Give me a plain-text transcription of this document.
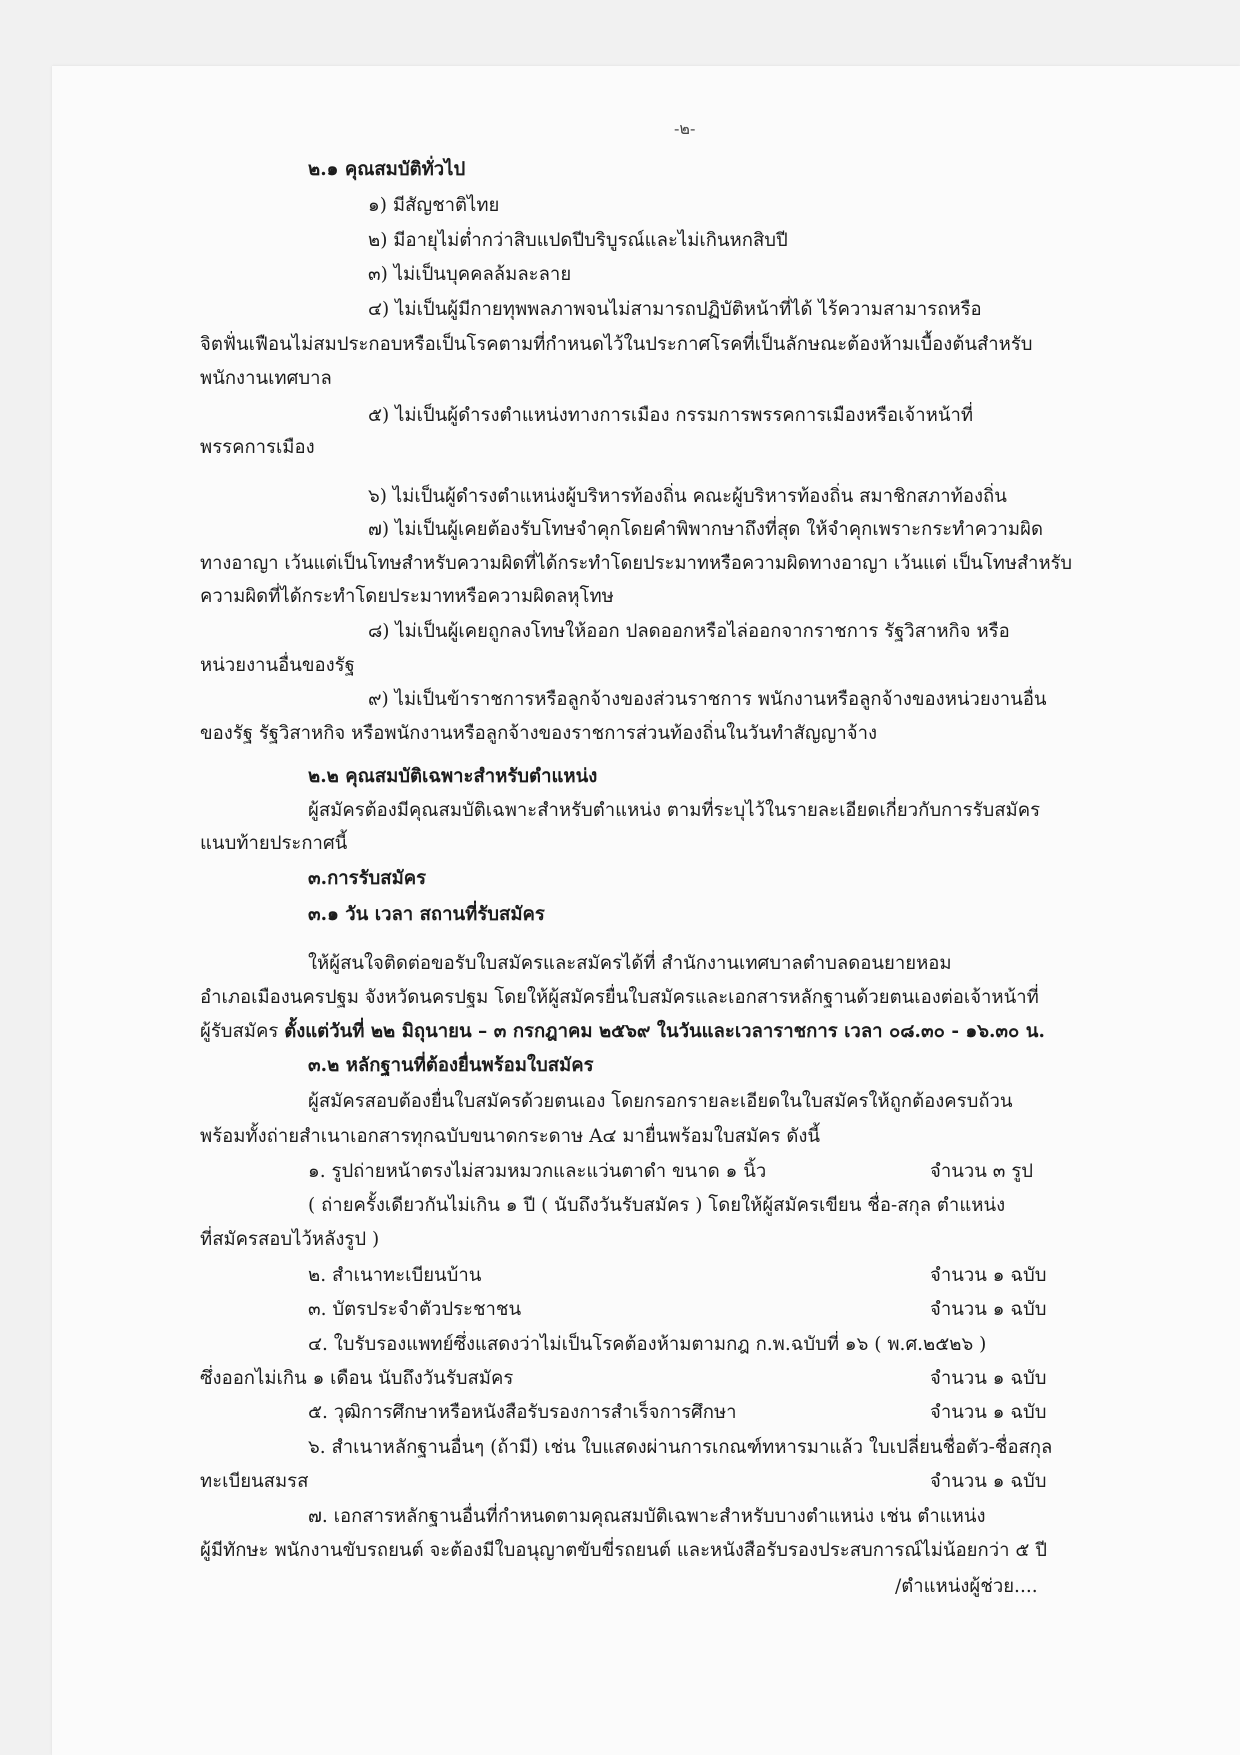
-๒-
๒.๑ คุณสมบัติทั่วไป
๑) มีสัญชาติไทย
๒) มีอายุไม่ต่ำกว่าสิบแปดปีบริบูรณ์และไม่เกินหกสิบปี
๓) ไม่เป็นบุคคลล้มละลาย
๔) ไม่เป็นผู้มีกายทุพพลภาพจนไม่สามารถปฏิบัติหน้าที่ได้ ไร้ความสามารถหรือ
จิตฟั่นเฟือนไม่สมประกอบหรือเป็นโรคตามที่กำหนดไว้ในประกาศโรคที่เป็นลักษณะต้องห้ามเบื้องต้นสำหรับ
พนักงานเทศบาล
๕) ไม่เป็นผู้ดำรงตำแหน่งทางการเมือง กรรมการพรรคการเมืองหรือเจ้าหน้าที่
พรรคการเมือง
๖) ไม่เป็นผู้ดำรงตำแหน่งผู้บริหารท้องถิ่น คณะผู้บริหารท้องถิ่น สมาชิกสภาท้องถิ่น
๗) ไม่เป็นผู้เคยต้องรับโทษจำคุกโดยคำพิพากษาถึงที่สุด ให้จำคุกเพราะกระทำความผิด
ทางอาญา เว้นแต่เป็นโทษสำหรับความผิดที่ได้กระทำโดยประมาทหรือความผิดทางอาญา เว้นแต่ เป็นโทษสำหรับ
ความผิดที่ได้กระทำโดยประมาทหรือความผิดลหุโทษ
๘) ไม่เป็นผู้เคยถูกลงโทษให้ออก ปลดออกหรือไล่ออกจากราชการ รัฐวิสาหกิจ หรือ
หน่วยงานอื่นของรัฐ
๙) ไม่เป็นข้าราชการหรือลูกจ้างของส่วนราชการ พนักงานหรือลูกจ้างของหน่วยงานอื่น
ของรัฐ รัฐวิสาหกิจ หรือพนักงานหรือลูกจ้างของราชการส่วนท้องถิ่นในวันทำสัญญาจ้าง
๒.๒ คุณสมบัติเฉพาะสำหรับตำแหน่ง
ผู้สมัครต้องมีคุณสมบัติเฉพาะสำหรับตำแหน่ง ตามที่ระบุไว้ในรายละเอียดเกี่ยวกับการรับสมัคร
แนบท้ายประกาศนี้
๓.การรับสมัคร
๓.๑ วัน เวลา สถานที่รับสมัคร
ให้ผู้สนใจติดต่อขอรับใบสมัครและสมัครได้ที่ สำนักงานเทศบาลตำบลดอนยายหอม
อำเภอเมืองนครปฐม จังหวัดนครปฐม โดยให้ผู้สมัครยื่นใบสมัครและเอกสารหลักฐานด้วยตนเองต่อเจ้าหน้าที่
ผู้รับสมัคร ตั้งแต่วันที่ ๒๒ มิถุนายน – ๓ กรกฎาคม ๒๕๖๙ ในวันและเวลาราชการ เวลา ๐๘.๓๐ - ๑๖.๓๐ น.
๓.๒ หลักฐานที่ต้องยื่นพร้อมใบสมัคร
ผู้สมัครสอบต้องยื่นใบสมัครด้วยตนเอง โดยกรอกรายละเอียดในใบสมัครให้ถูกต้องครบถ้วน
พร้อมทั้งถ่ายสำเนาเอกสารทุกฉบับขนาดกระดาษ A๔ มายื่นพร้อมใบสมัคร ดังนี้
๑. รูปถ่ายหน้าตรงไม่สวมหมวกและแว่นตาดำ ขนาด ๑ นิ้ว	จำนวน ๓ รูป
( ถ่ายครั้งเดียวกันไม่เกิน ๑ ปี ( นับถึงวันรับสมัคร ) โดยให้ผู้สมัครเขียน ชื่อ-สกุล ตำแหน่ง
ที่สมัครสอบไว้หลังรูป )
๒. สำเนาทะเบียนบ้าน	จำนวน ๑ ฉบับ
๓. บัตรประจำตัวประชาชน	จำนวน ๑ ฉบับ
๔. ใบรับรองแพทย์ซึ่งแสดงว่าไม่เป็นโรคต้องห้ามตามกฎ ก.พ.ฉบับที่ ๑๖ ( พ.ศ.๒๕๒๖ )
ซึ่งออกไม่เกิน ๑ เดือน นับถึงวันรับสมัคร	จำนวน ๑ ฉบับ
๕. วุฒิการศึกษาหรือหนังสือรับรองการสำเร็จการศึกษา	จำนวน ๑ ฉบับ
๖. สำเนาหลักฐานอื่นๆ (ถ้ามี) เช่น ใบแสดงผ่านการเกณฑ์ทหารมาแล้ว ใบเปลี่ยนชื่อตัว-ชื่อสกุล
ทะเบียนสมรส	จำนวน ๑ ฉบับ
๗. เอกสารหลักฐานอื่นที่กำหนดตามคุณสมบัติเฉพาะสำหรับบางตำแหน่ง เช่น ตำแหน่ง
ผู้มีทักษะ พนักงานขับรถยนต์ จะต้องมีใบอนุญาตขับขี่รถยนต์ และหนังสือรับรองประสบการณ์ไม่น้อยกว่า ๕ ปี
/ตำแหน่งผู้ช่วย....
